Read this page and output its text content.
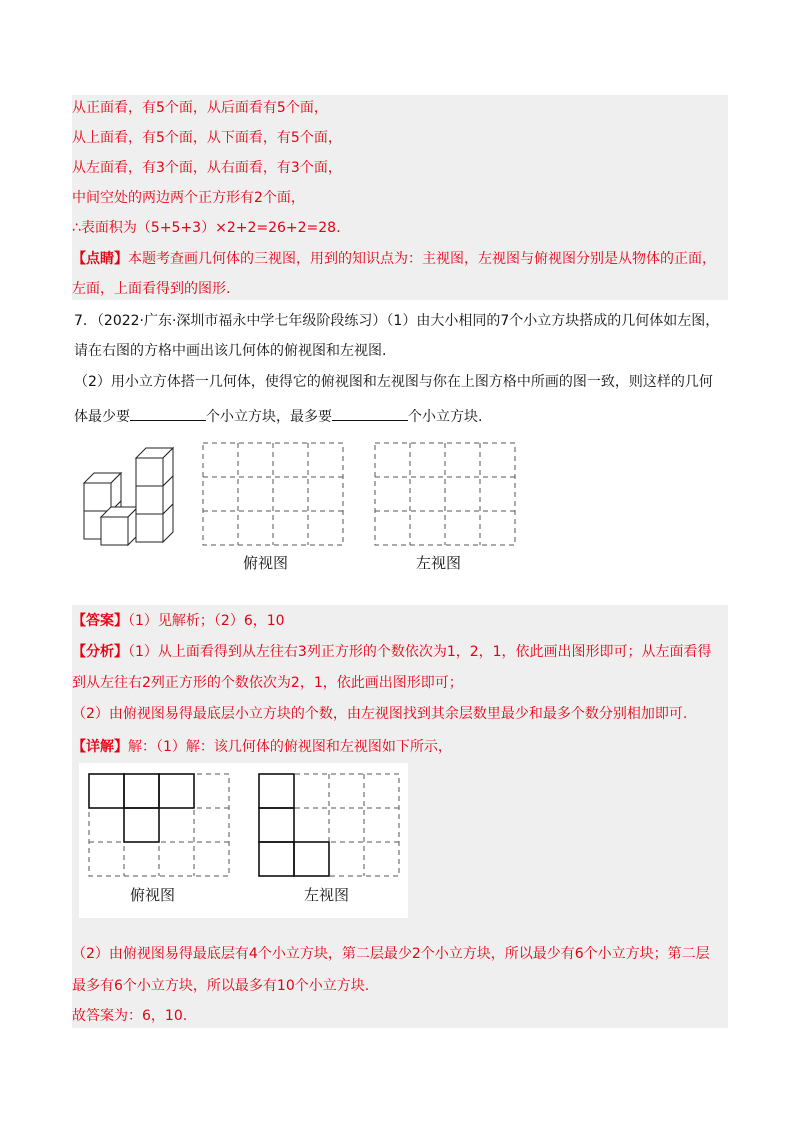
从正面看，有5个面，从后面看有5个面，
从上面看，有5个面，从下面看，有5个面，
从左面看，有3个面，从右面看，有3个面，
中间空处的两边两个正方形有2个面，
∴表面积为（5+5+3）×2+2=26+2=28.
【点睛】本题考查画几何体的三视图，用到的知识点为：主视图，左视图与俯视图分别是从物体的正面，
左面，上面看得到的图形.
7．（2022·广东·深圳市福永中学七年级阶段练习）（1）由大小相同的7个小立方块搭成的几何体如左图，
请在右图的方格中画出该几何体的俯视图和左视图.
（2）用小立方体搭一几何体，使得它的俯视图和左视图与你在上图方格中所画的图一致，则这样的几何
体最少要	个小立方块，最多要	个小立方块.
俯视图	左视图
【答案】（1）见解析；（2）6，10
【分析】（1）从上面看得到从左往右3列正方形的个数依次为1，2，1，依此画出图形即可；从左面看得
到从左往右2列正方形的个数依次为2，1，依此画出图形即可；
（2）由俯视图易得最底层小立方块的个数，由左视图找到其余层数里最少和最多个数分别相加即可.
【详解】解：（1）解：该几何体的俯视图和左视图如下所示，
俯视图	左视图
（2）由俯视图易得最底层有4个小立方块，第二层最少2个小立方块，所以最少有6个小立方块；第二层
最多有6个小立方块，所以最多有10个小立方块.
故答案为：6，10.
